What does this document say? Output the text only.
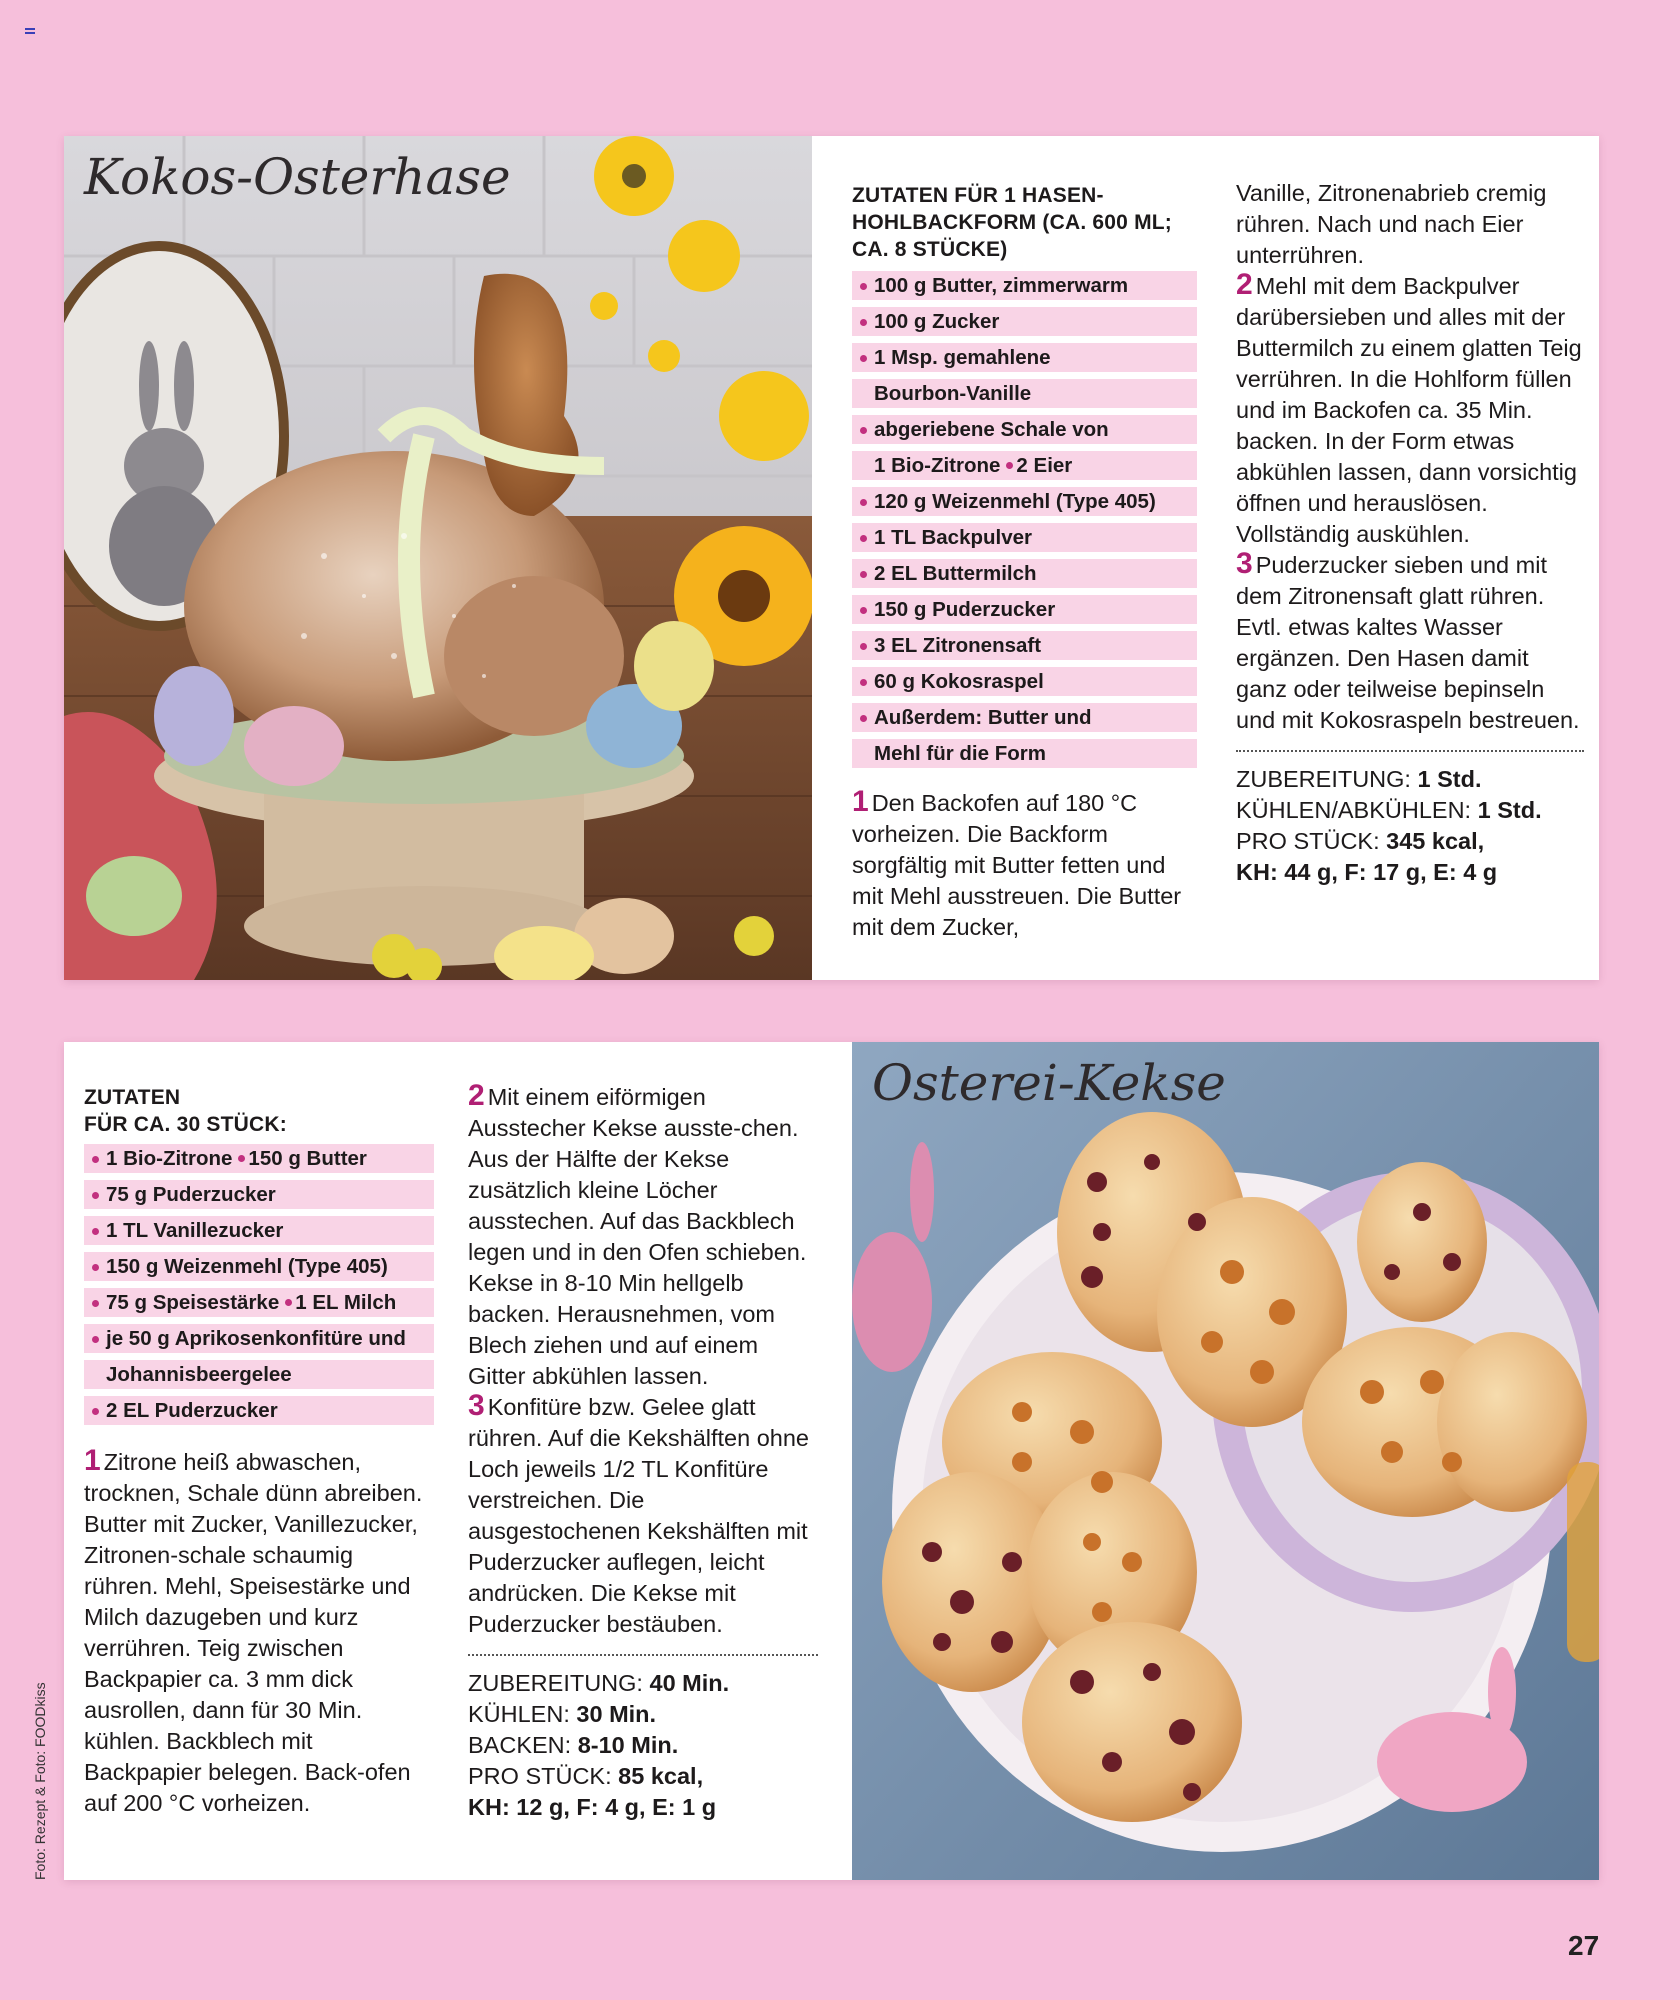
Kokos-Osterhase	ZUTATEN FÜR 1 HASEN-HOHLBACKFORM (CA. 600 ML; CA. 8 STÜCKE)

100 g Butter, zimmerwarm
100 g Zucker
1 Msp. gemahlene
Bourbon-Vanille
abgeriebene Schale von
1 Bio-Zitrone 2 Eier
120 g Weizenmehl (Type 405)
1 TL Backpulver
2 EL Buttermilch
150 g Puderzucker
3 EL Zitronensaft
60 g Kokosraspel
Außerdem: Butter und
Mehl für die Form

1 Den Backofen auf 180 °C vorheizen. Die Backform sorgfältig mit Butter fetten und mit Mehl ausstreuen. Die Butter mit dem Zucker,

Vanille, Zitronenabrieb cremig rühren. Nach und nach Eier unterrühren.

2 Mehl mit dem Backpulver darübersieben und alles mit der Buttermilch zu einem glatten Teig verrühren. In die Hohlform füllen und im Backofen ca. 35 Min. backen. In der Form etwas abkühlen lassen, dann vorsichtig öffnen und herauslösen. Vollständig auskühlen.

3 Puderzucker sieben und mit dem Zitronensaft glatt rühren. Evtl. etwas kaltes Wasser ergänzen. Den Hasen damit ganz oder teilweise bepinseln und mit Kokosraspeln bestreuen.

ZUBEREITUNG: 1 Std.

KÜHLEN/ABKÜHLEN: 1 Std.

PRO STÜCK: 345 kcal,

KH: 44 g, F: 17 g, E: 4 g

ZUTATEN
FÜR CA. 30 STÜCK:

1 Bio-Zitrone 150 g Butter
75 g Puderzucker
1 TL Vanillezucker
150 g Weizenmehl (Type 405)
75 g Speisestärke 1 EL Milch
je 50 g Aprikosenkonfitüre und
Johannisbeergelee
2 EL Puderzucker

1 Zitrone heiß abwaschen, trocknen, Schale dünn abreiben. Butter mit Zucker, Vanillezucker, Zitronen-schale schaumig rühren. Mehl, Speisestärke und Milch dazugeben und kurz verrühren. Teig zwischen Backpapier ca. 3 mm dick ausrollen, dann für 30 Min. kühlen. Backblech mit Backpapier belegen. Back-ofen auf 200 °C vorheizen.

2 Mit einem eiförmigen Ausstecher Kekse ausste-chen. Aus der Hälfte der Kekse zusätzlich kleine Löcher ausstechen. Auf das Backblech legen und in den Ofen schieben. Kekse in 8-10 Min hellgelb backen. Herausnehmen, vom Blech ziehen und auf einem Gitter abkühlen lassen.

3 Konfitüre bzw. Gelee glatt rühren. Auf die Kekshälften ohne Loch jeweils 1/2 TL Konfitüre verstreichen. Die ausgestochenen Kekshälften mit Puderzucker auflegen, leicht andrücken. Die Kekse mit Puderzucker bestäuben.

ZUBEREITUNG: 40 Min.

KÜHLEN: 30 Min.

BACKEN: 8-10 Min.

PRO STÜCK: 85 kcal,

KH: 12 g, F: 4 g, E: 1 g

Osterei-Kekse
Foto: Rezept & Foto: FOODkiss
27
